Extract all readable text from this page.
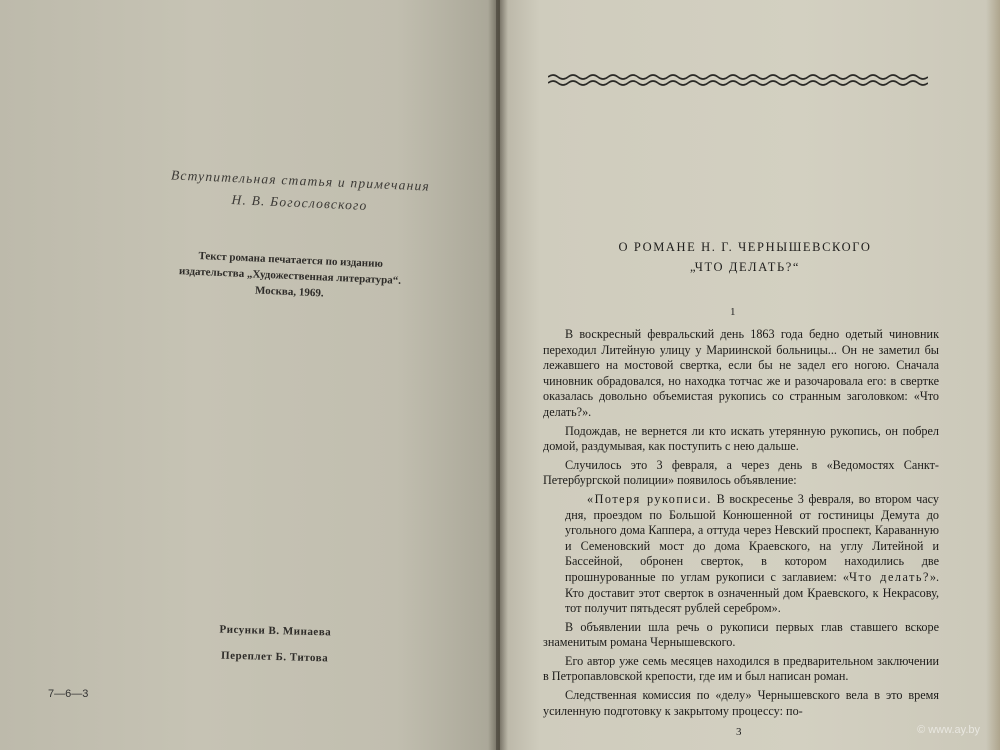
Вступительная статья и примечания
Н. В. Богословского
Текст романа печатается по изданию
издательства „Художественная литература“.
Москва, 1969.
Рисунки В. Минаева
Переплет Б. Титова
7—6—3
О РОМАНЕ Н. Г. ЧЕРНЫШЕВСКОГО
„ЧТО ДЕЛАТЬ?“
1

В воскресный февральский день 1863 года бедно одетый чиновник переходил Литейную улицу у Мариинской больницы... Он не заметил бы лежавшего на мостовой свертка, если бы не задел его ногою. Сначала чиновник обрадовался, но находка тотчас же и разочаровала его: в свертке оказалась довольно объемистая рукопись со странным заголовком: «Что делать?».

Подождав, не вернется ли кто искать утерянную рукопись, он побрел домой, раздумывая, как поступить с нею дальше.

Случилось это 3 февраля, а через день в «Ведомостях Санкт-Петербургской полиции» появилось объявление:

«Потеря рукописи. В воскресенье 3 февраля, во втором часу дня, проездом по Большой Конюшенной от гостиницы Демута до угольного дома Каппера, а оттуда через Невский проспект, Караванную и Семеновский мост до дома Краевского, на углу Литейной и Бассейной, обронен сверток, в котором находились две прошнурованные по углам рукописи с заглавием: «Что делать?». Кто доставит этот сверток в означенный дом Краевского, к Некрасову, тот получит пятьдесят рублей серебром».

В объявлении шла речь о рукописи первых глав ставшего вскоре знаменитым романа Чернышевского.

Его автор уже семь месяцев находился в предварительном заключении в Петропавловской крепости, где им и был написан роман.

Следственная комиссия по «делу» Чернышевского вела в это время усиленную подготовку к закрытому процессу: по-

3	© www.ay.by
